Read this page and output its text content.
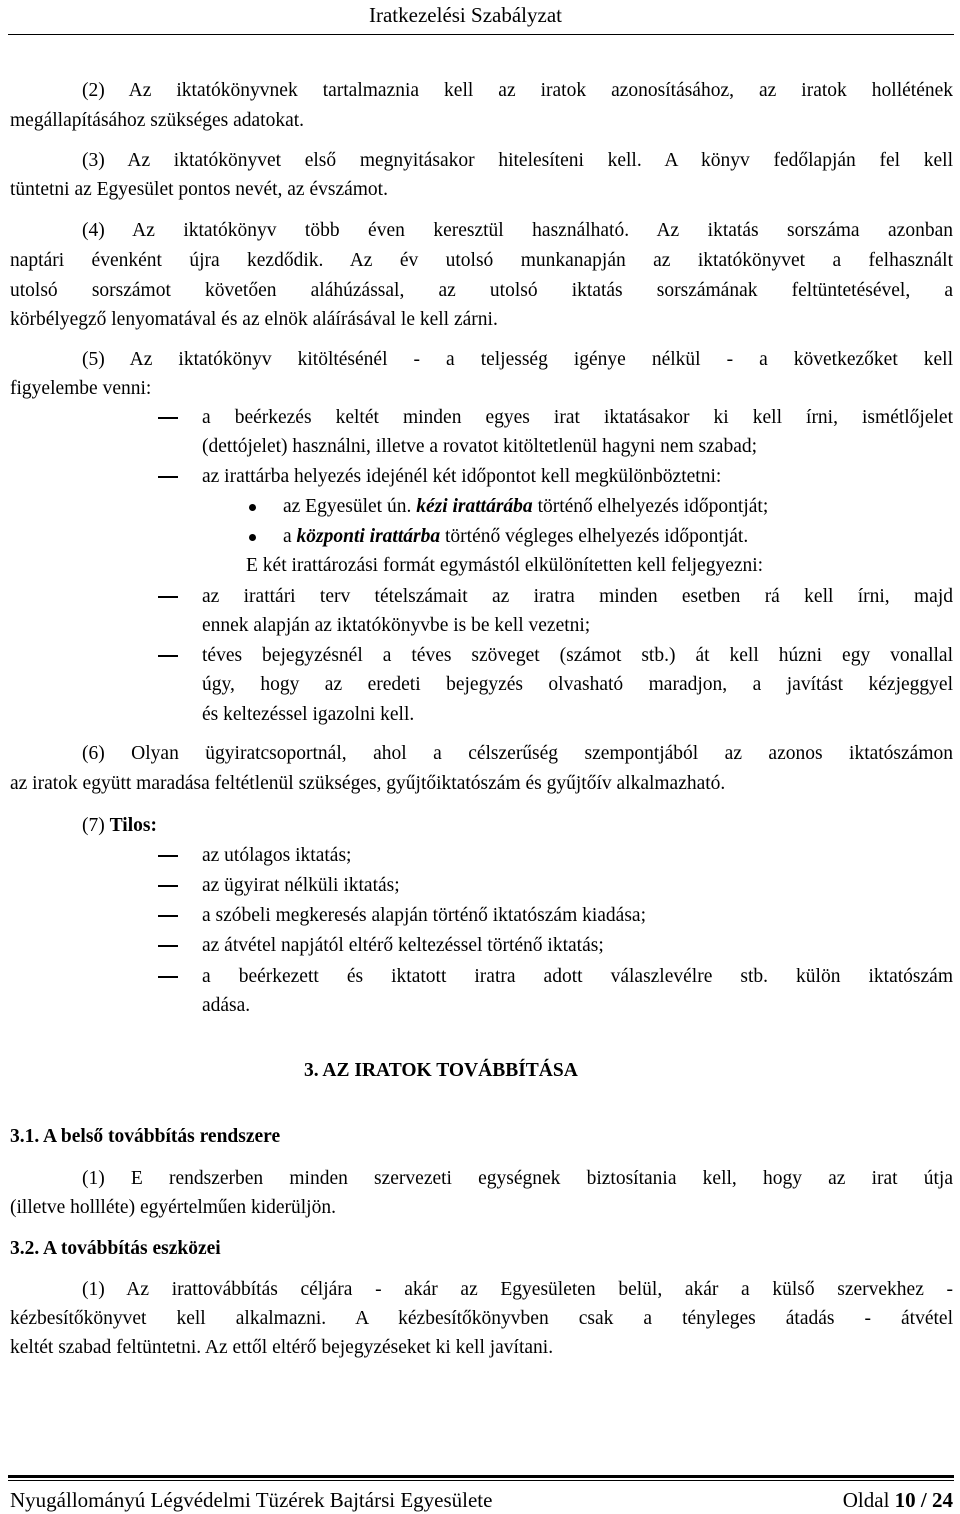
Iratkezelési Szabályzat
(2) Az iktatókönyvnek tartalmaznia kell az iratok azonosításához, az iratok hollétének
megállapításához szükséges adatokat.
(3) Az iktatókönyvet első megnyitásakor hitelesíteni kell. A könyv fedőlapján fel kell
tüntetni az Egyesület pontos nevét, az évszámot.
(4) Az iktatókönyv több éven keresztül használható. Az iktatás sorszáma azonban
naptári évenként újra kezdődik. Az év utolsó munkanapján az iktatókönyvet a felhasznált
utolsó sorszámot követően aláhúzással, az utolsó iktatás sorszámának feltüntetésével, a
körbélyegző lenyomatával és az elnök aláírásával le kell zárni.
(5) Az iktatókönyv kitöltésénél - a teljesség igénye nélkül - a következőket kell
figyelembe venni:
a beérkezés keltét minden egyes irat iktatásakor ki kell írni, ismétlőjelet
(dettójelet) használni, illetve a rovatot kitöltetlenül hagyni nem szabad;
az irattárba helyezés idejénél két időpontot kell megkülönböztetni:
az Egyesület ún. kézi irattárába történő elhelyezés időpontját;
a központi irattárba történő végleges elhelyezés időpontját.
E két irattározási formát egymástól elkülönítetten kell feljegyezni:
az irattári terv tételszámait az iratra minden esetben rá kell írni, majd
ennek alapján az iktatókönyvbe is be kell vezetni;
téves bejegyzésnél a téves szöveget (számot stb.) át kell húzni egy vonallal
úgy, hogy az eredeti bejegyzés olvasható maradjon, a javítást kézjeggyel
és keltezéssel igazolni kell.
(6) Olyan ügyiratcsoportnál, ahol a célszerűség szempontjából az azonos iktatószámon
az iratok együtt maradása feltétlenül szükséges, gyűjtőiktatószám és gyűjtőív alkalmazható.
(7) Tilos:
az utólagos iktatás;
az ügyirat nélküli iktatás;
a szóbeli megkeresés alapján történő iktatószám kiadása;
az átvétel napjától eltérő keltezéssel történő iktatás;
a beérkezett és iktatott iratra adott válaszlevélre stb. külön iktatószám
adása.
3. AZ IRATOK TOVÁBBÍTÁSA
3.1. A belső továbbítás rendszere
(1) E rendszerben minden szervezeti egységnek biztosítania kell, hogy az irat útja
(illetve hollléte) egyértelműen kiderüljön.
3.2. A továbbítás eszközei
(1) Az irattovábbítás céljára - akár az Egyesületen belül, akár a külső szervekhez -
kézbesítőkönyvet kell alkalmazni. A kézbesítőkönyvben csak a tényleges átadás - átvétel
keltét szabad feltüntetni. Az ettől eltérő bejegyzéseket ki kell javítani.
Nyugállományú Légvédelmi Tüzérek Bajtársi Egyesülete	Oldal 10 / 24
